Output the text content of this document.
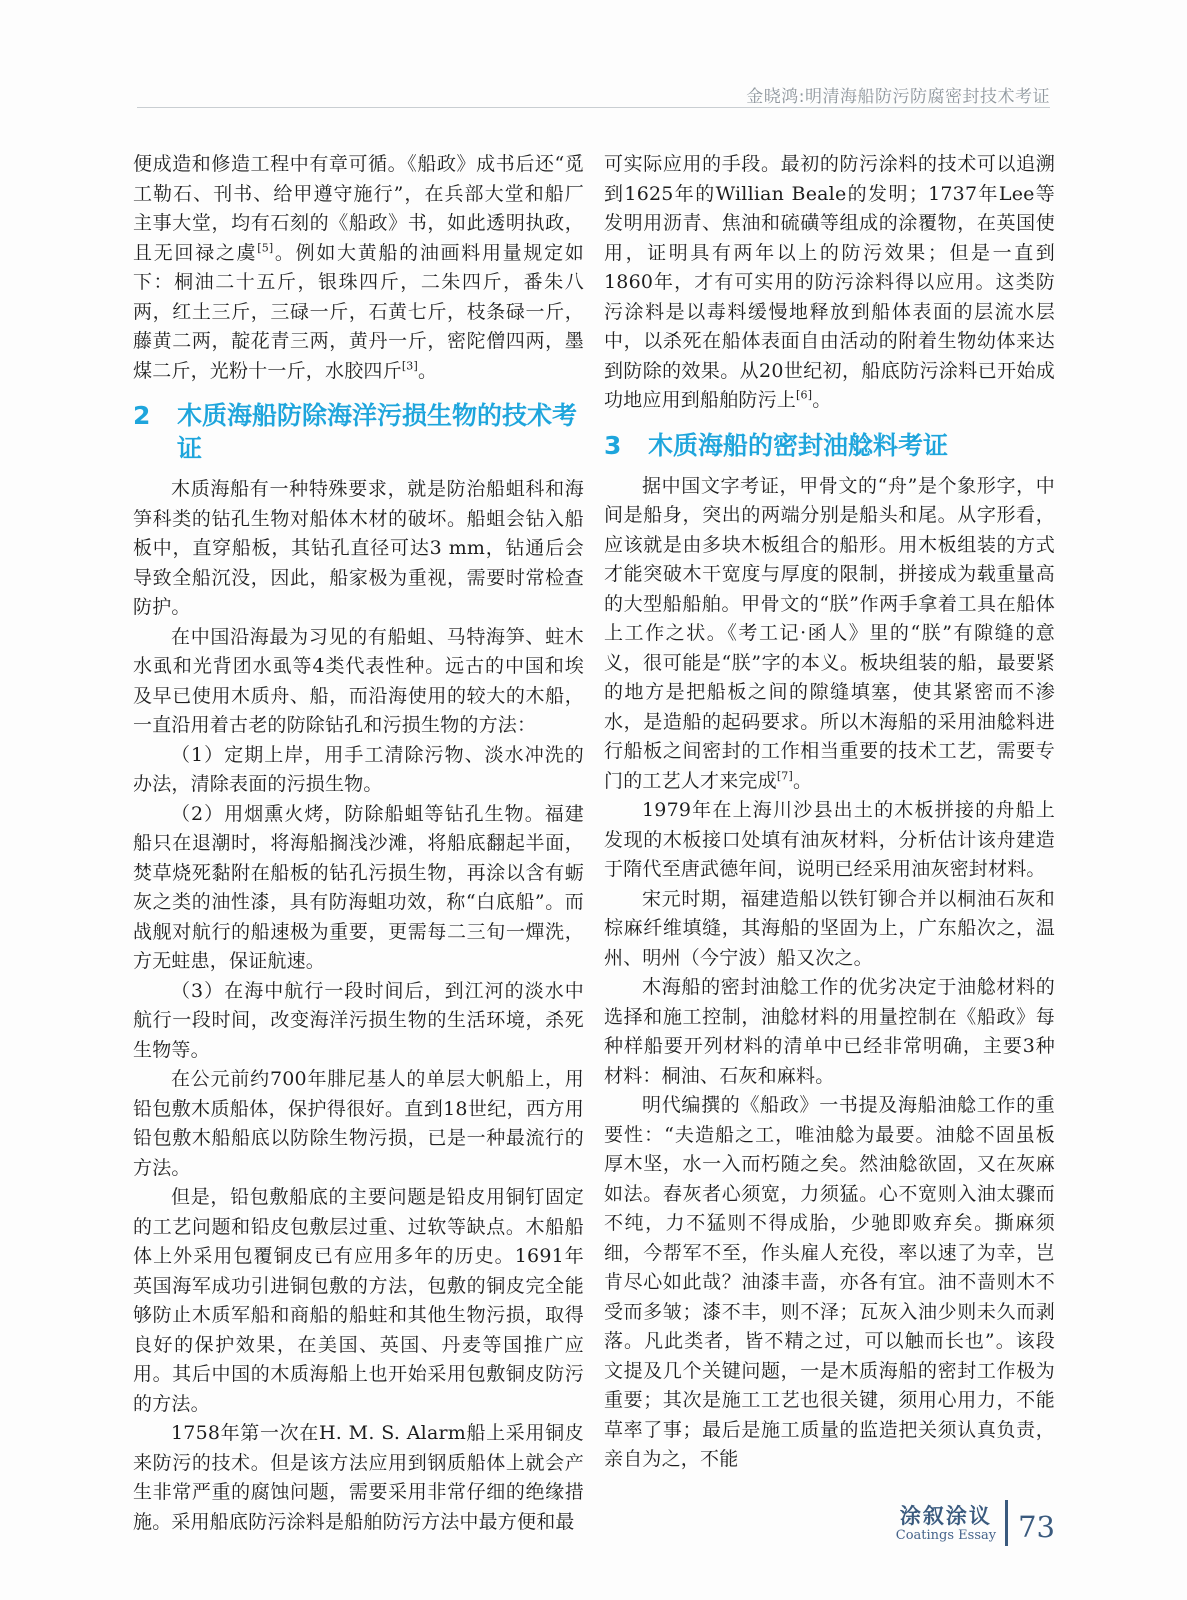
金晓鸿:明清海船防污防腐密封技术考证

便成造和修造工程中有章可循。《船政》成书后还“觅工勒石、刊书、给甲遵守施行”，在兵部大堂和船厂主事大堂，均有石刻的《船政》书，如此透明执政，且无回禄之虞[5]。例如大黄船的油画料用量规定如下：桐油二十五斤，银珠四斤，二朱四斤，番朱八两，红土三斤，三碌一斤，石黄七斤，枝条碌一斤，藤黄二两，靛花青三两，黄丹一斤，密陀僧四两，墨煤二斤，光粉十一斤，水胶四斤[3]。

2	木质海船防除海洋污损生物的技术考证

木质海船有一种特殊要求，就是防治船蛆科和海笋科类的钻孔生物对船体木材的破坏。船蛆会钻入船板中，直穿船板，其钻孔直径可达3 mm，钻通后会导致全船沉没，因此，船家极为重视，需要时常检查防护。

在中国沿海最为习见的有船蛆、马特海笋、蛀木水虱和光背团水虱等4类代表性种。远古的中国和埃及早已使用木质舟、船，而沿海使用的较大的木船，一直沿用着古老的防除钻孔和污损生物的方法：

（1）定期上岸，用手工清除污物、淡水冲洗的办法，清除表面的污损生物。

（2）用烟熏火烤，防除船蛆等钻孔生物。福建船只在退潮时，将海船搁浅沙滩，将船底翻起半面，焚草烧死黏附在船板的钻孔污损生物，再涂以含有蛎灰之类的油性漆，具有防海蛆功效，称“白底船”。而战舰对航行的船速极为重要，更需每二三旬一燀洗，方无蛀患，保证航速。

（3）在海中航行一段时间后，到江河的淡水中航行一段时间，改变海洋污损生物的生活环境，杀死生物等。

在公元前约700年腓尼基人的单层大帆船上，用铅包敷木质船体，保护得很好。直到18世纪，西方用铅包敷木船船底以防除生物污损，已是一种最流行的方法。

但是，铅包敷船底的主要问题是铅皮用铜钉固定的工艺问题和铅皮包敷层过重、过软等缺点。木船船体上外采用包覆铜皮已有应用多年的历史。1691年英国海军成功引进铜包敷的方法，包敷的铜皮完全能够防止木质军船和商船的船蛀和其他生物污损，取得良好的保护效果，在美国、英国、丹麦等国推广应用。其后中国的木质海船上也开始采用包敷铜皮防污的方法。

1758年第一次在H. M. S. Alarm船上采用铜皮来防污的技术。但是该方法应用到钢质船体上就会产生非常严重的腐蚀问题，需要采用非常仔细的绝缘措施。采用船底防污涂料是船舶防污方法中最方便和最

可实际应用的手段。最初的防污涂料的技术可以追溯到1625年的Willian Beale的发明；1737年Lee等发明用沥青、焦油和硫磺等组成的涂覆物，在英国使用，证明具有两年以上的防污效果；但是一直到1860年，才有可实用的防污涂料得以应用。这类防污涂料是以毒料缓慢地释放到船体表面的层流水层中，以杀死在船体表面自由活动的附着生物幼体来达到防除的效果。从20世纪初，船底防污涂料已开始成功地应用到船舶防污上[6]。

3	木质海船的密封油艌料考证

据中国文字考证，甲骨文的“舟”是个象形字，中间是船身，突出的两端分别是船头和尾。从字形看，应该就是由多块木板组合的船形。用木板组装的方式才能突破木干宽度与厚度的限制，拼接成为载重量高的大型船船舶。甲骨文的“朕”作两手拿着工具在船体上工作之状。《考工记·函人》里的“朕”有隙缝的意义，很可能是“朕”字的本义。板块组装的船，最要紧的地方是把船板之间的隙缝填塞，使其紧密而不渗水，是造船的起码要求。所以木海船的采用油艌料进行船板之间密封的工作相当重要的技术工艺，需要专门的工艺人才来完成[7]。

1979年在上海川沙县出土的木板拼接的舟船上发现的木板接口处填有油灰材料，分析估计该舟建造于隋代至唐武德年间，说明已经采用油灰密封材料。

宋元时期，福建造船以铁钉铆合并以桐油石灰和棕麻纤维填缝，其海船的坚固为上，广东船次之，温州、明州（今宁波）船又次之。

木海船的密封油艌工作的优劣决定于油艌材料的选择和施工控制，油艌材料的用量控制在《船政》每种样船要开列材料的清单中已经非常明确，主要3种材料：桐油、石灰和麻料。

明代编撰的《船政》一书提及海船油艌工作的重要性：“夫造船之工，唯油艌为最要。油艌不固虽板厚木坚，水一入而朽随之矣。然油艌欲固，又在灰麻如法。舂灰者心须宽，力须猛。心不宽则入油太骤而不纯，力不猛则不得成胎，少驰即败弃矣。撕麻须细，今帮军不至，作头雇人充役，率以速了为幸，岂肯尽心如此哉？油漆丰啬，亦各有宜。油不啬则木不受而多皱；漆不丰，则不泽；瓦灰入油少则未久而剥落。凡此类者，皆不精之过，可以触而长也”。该段文提及几个关键问题，一是木质海船的密封工作极为重要；其次是施工工艺也很关键，须用心用力，不能草率了事；最后是施工质量的监造把关须认真负责，亲自为之，不能

涂叙涂议
Coatings Essay 73
